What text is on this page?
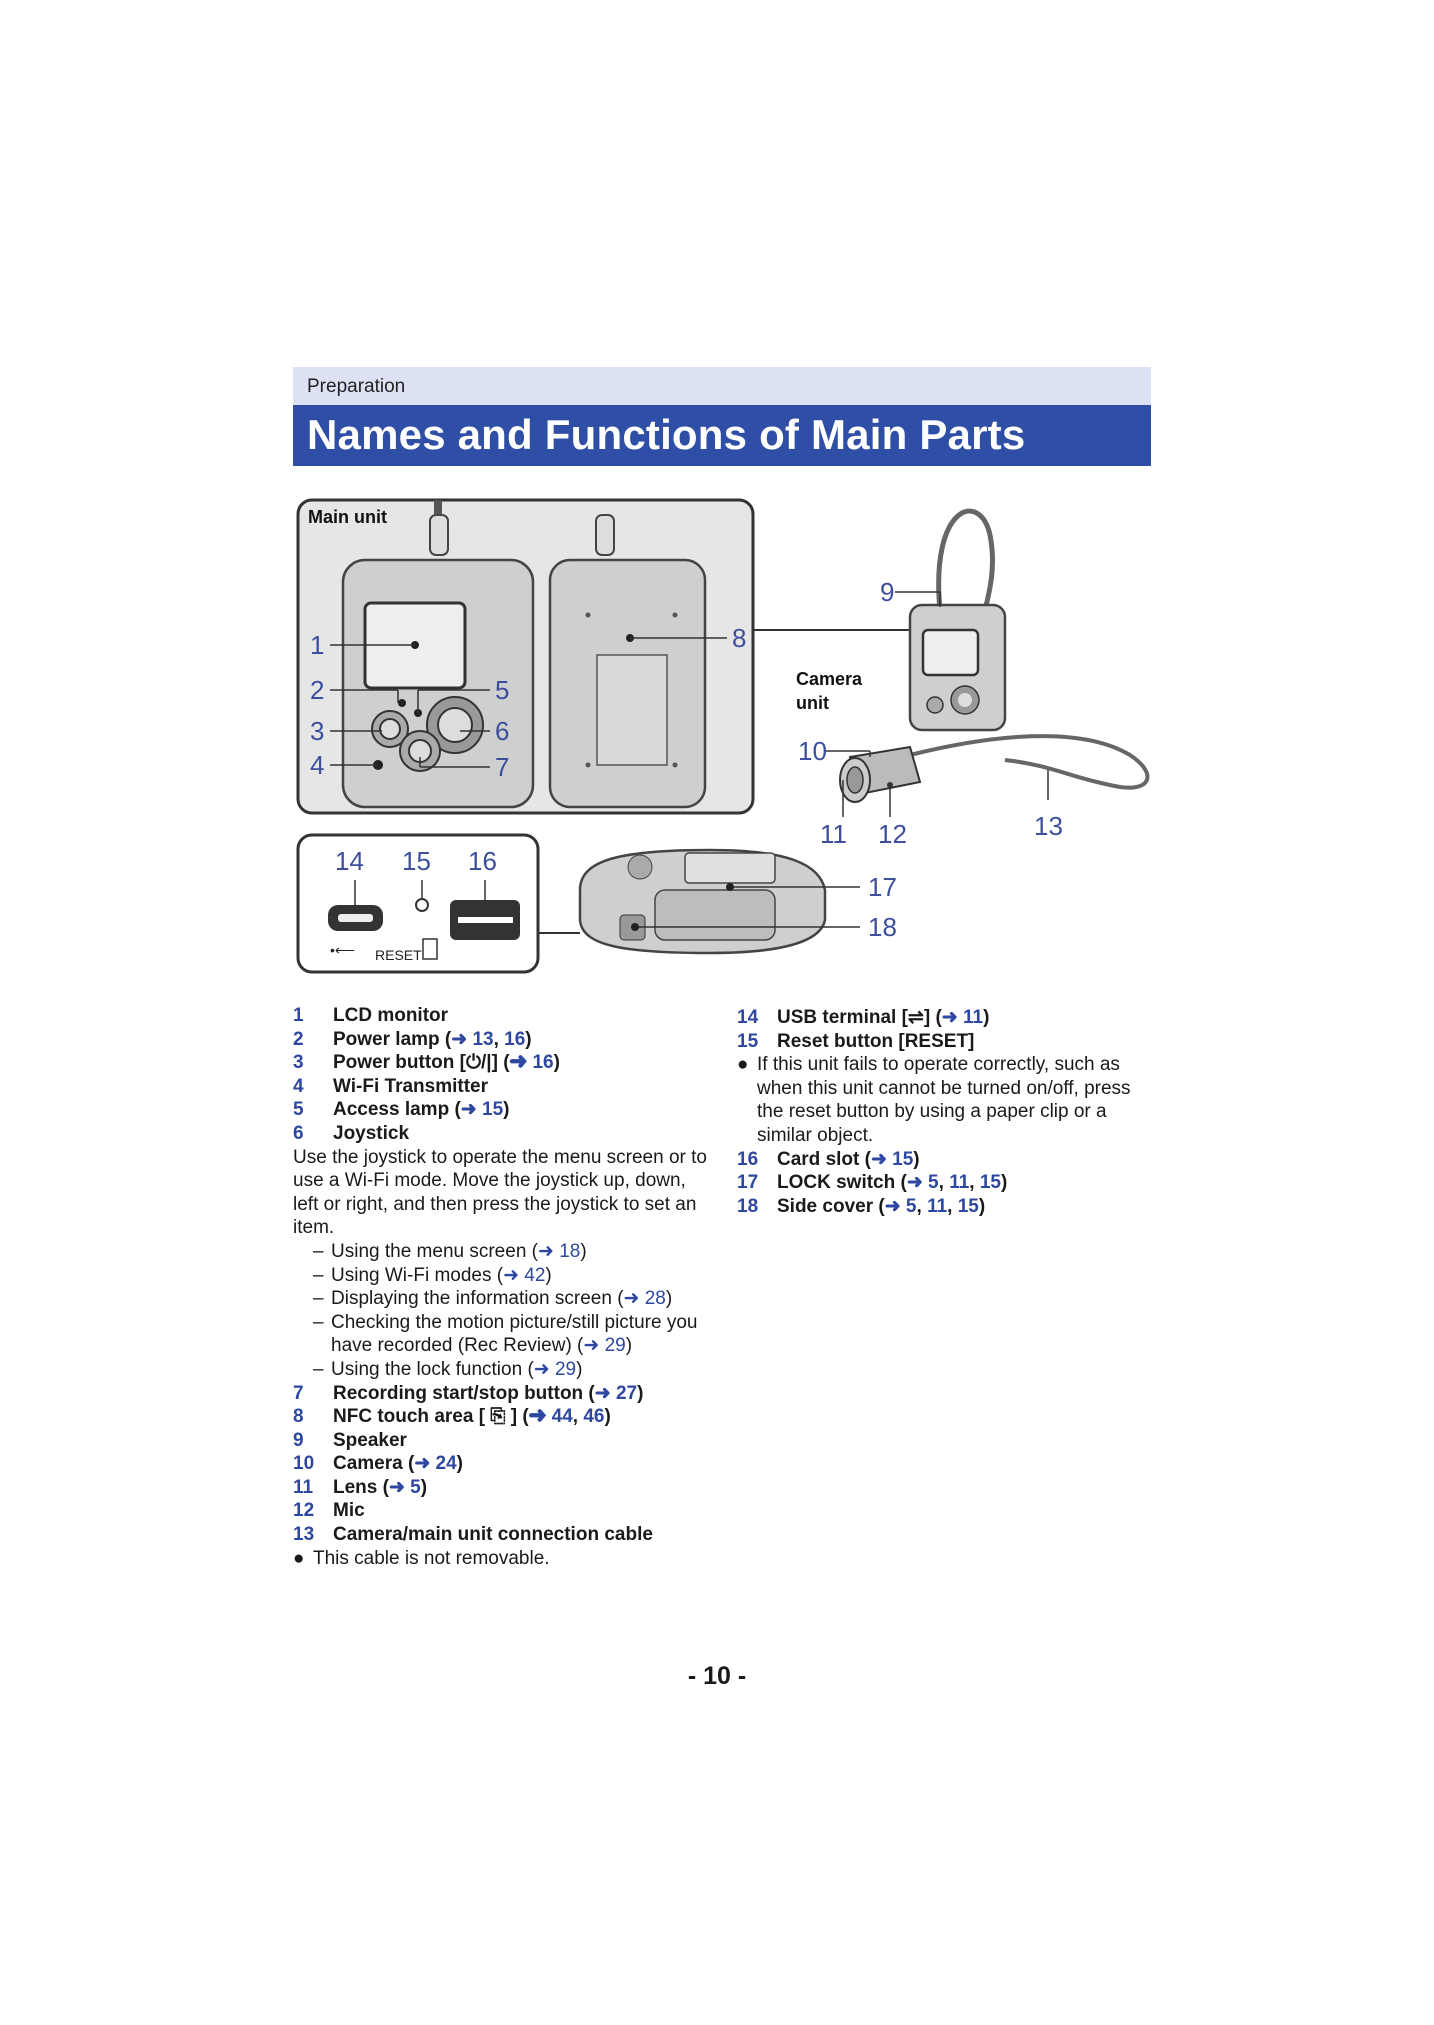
Preparation
Names and Functions of Main Parts
Main unit
1
2
3
4
5
6
7
8
9
Camera
unit
10
11 12	13
14 15 16
•⟵ RESET
17
18
1	LCD monitor
2	Power lamp (➜ 13, 16)
3	Power button [⏻/|] (➜ 16)
4	Wi-Fi Transmitter
5	Access lamp (➜ 15)
6	Joystick

Use the joystick to operate the menu screen or to use a Wi-Fi mode. Move the joystick up, down, left or right, and then press the joystick to set an item.

– Using the menu screen (➜ 18)
– Using Wi-Fi modes (➜ 42)
– Displaying the information screen (➜ 28)
– Checking the motion picture/still picture you have recorded (Rec Review) (➜ 29)
– Using the lock function (➜ 29)
7	Recording start/stop button (➜ 27)
8	NFC touch area [ ⎘ ] (➜ 44, 46)
9	Speaker
10 Camera (➜ 24)
11	Lens (➜ 5)
12 Mic
13 Camera/main unit connection cable
● This cable is not removable.
14 USB terminal [⇌] (➜ 11)
15 Reset button [RESET]
● If this unit fails to operate correctly, such as when this unit cannot be turned on/off, press the reset button by using a paper clip or a similar object.
16 Card slot (➜ 15)
17 LOCK switch (➜ 5, 11, 15)
18 Side cover (➜ 5, 11, 15)
- 10 -
